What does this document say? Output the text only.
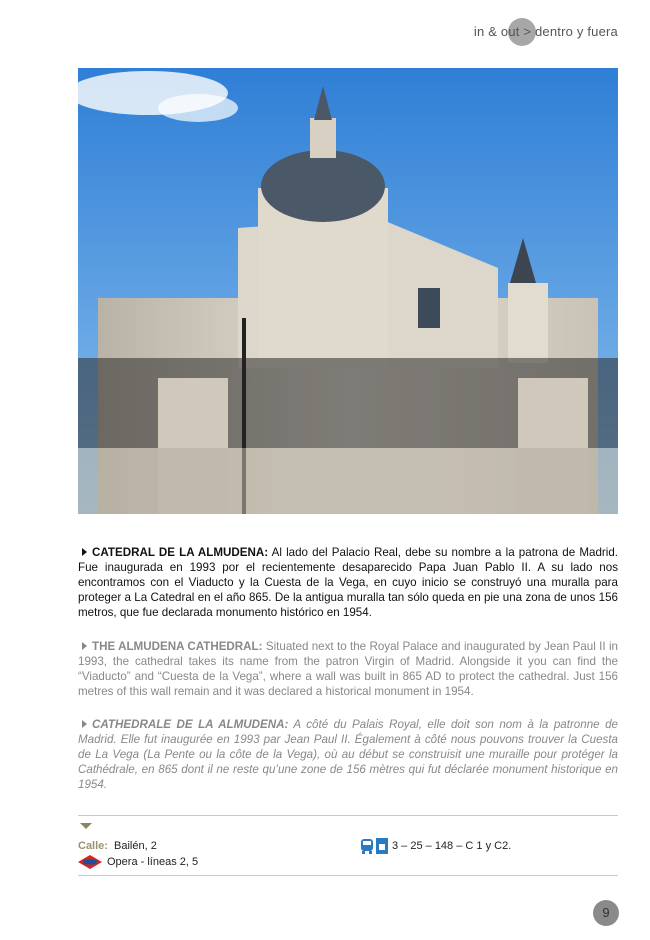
in & out > dentro y fuera
CATEDRAL DE LA ALMUDENA: Al lado del Palacio Real, debe su nombre a la patrona de Madrid. Fue inaugurada en 1993 por el recientemente desaparecido Papa Juan Pablo II. A su lado nos encontramos con el Viaducto y la Cuesta de la Vega, en cuyo inicio se construyó una muralla para proteger a La Catedral en el año 865. De la antigua muralla tan sólo queda en pie una zona de unos 156 metros, que fue declarada monumento histórico en 1954.
THE ALMUDENA CATHEDRAL: Situated next to the Royal Palace and inaugurated by Jean Paul II in 1993, the cathedral takes its name from the patron Virgin of Madrid. Alongside it you can find the “Viaducto” and “Cuesta de la Vega”, where a wall was built in 865 AD to protect the cathedral. Just 156 metres of this wall remain and it was declared a historical monument in 1954.
CATHEDRALE DE LA ALMUDENA: A côté du Palais Royal, elle doit son nom à la patronne de Madrid. Elle fut inaugurée en 1993 par Jean Paul II. Également à côté nous pouvons trouver la Cuesta de La Vega (La Pente ou la côte de la Vega), où au début se construisit une muraille pour protéger la Cathédrale, en 865 dont il ne reste qu’une zone de 156 mètres qui fut déclarée monument historique en 1954.
Calle: Bailén, 2
Opera - líneas 2, 5
3 – 25 – 148 – C 1 y C2.
9
